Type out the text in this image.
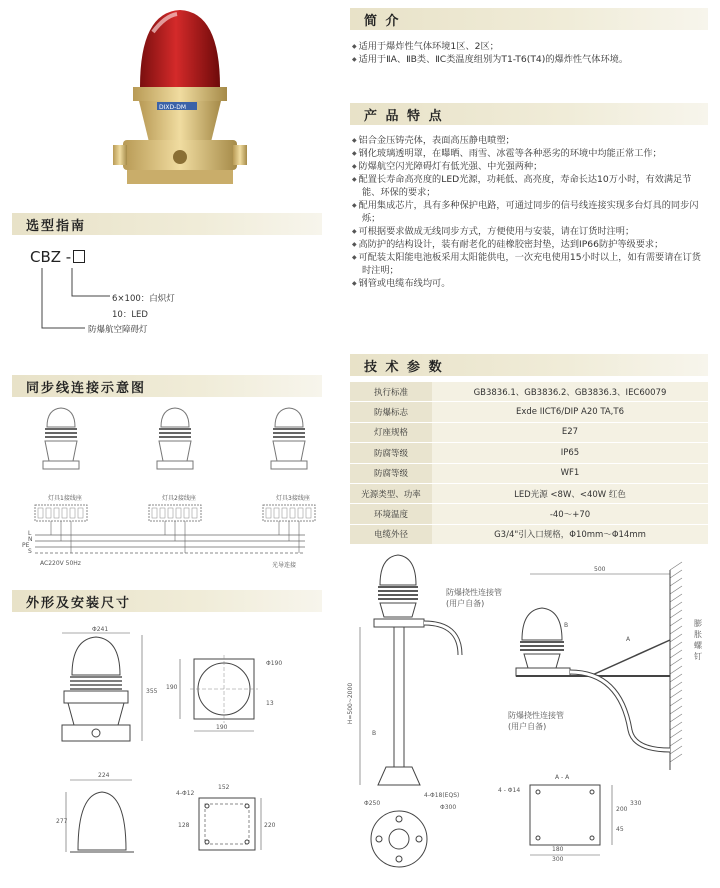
DIXD-DM
简 介
产 品 特 点
选型指南
技 术 参 数
同步线连接示意图
外形及安装尺寸
◆ 适用于爆炸性气体环境1区、2区；
◆ 适用于ⅡA、ⅡB类、ⅡC类温度组别为T1-T6(T4)的爆炸性气体环境。
◆ 铝合金压铸壳体，表面高压静电喷塑；
◆ 钢化玻璃透明罩，在曝晒、雨雪、冰雹等各种恶劣的环境中均能正常工作；
◆ 防爆航空闪光障碍灯有低光强、中光强两种；
◆ 配置长寿命高亮度的LED光源，功耗低、高亮度，寿命长达10万小时，有效满足节能、环保的要求；
◆ 配用集成芯片，具有多种保护电路，可通过同步的信号线连接实现多台灯具的同步闪烁；
◆ 可根据要求做成无线同步方式，方便使用与安装，请在订货时注明；
◆ 高防护的结构设计，装有耐老化的硅橡胶密封垫，达到IP66防护等级要求；
◆ 可配装太阳能电池板采用太阳能供电，一次充电使用15小时以上，如有需要请在订货时注明；
◆ 钢管或电缆布线均可。
CBZ -
6×100：白炽灯
10：LED
防爆航空障碍灯
执行标准	GB3836.1、GB3836.2、GB3836.3、IEC60079
防爆标志	Exde IICT6/DIP A20 TA,T6
灯座规格	E27
防腐等级	IP65
防腐等级	WF1
光源类型、功率	LED光源 <8W、<40W 红色
环境温度	-40～+70
电缆外径	G3/4"引入口规格，Φ10mm～Φ14mm
L
N
PE
S
AC220V 50Hz	光导连接
灯具1接线座	灯具2接线座	灯具3接线座
Φ241
355
Φ190
190
190
13
224
277
4-Φ12
152
128	220
H=500~2000
防爆挠性连接管
(用户自备)
B
Φ250
Φ300
4-Φ18(EQS)
500
膨胀螺钉
A
B
防爆挠性连接管
(用户自备)
A - A
4 - Φ14
180
300
200
330
45
